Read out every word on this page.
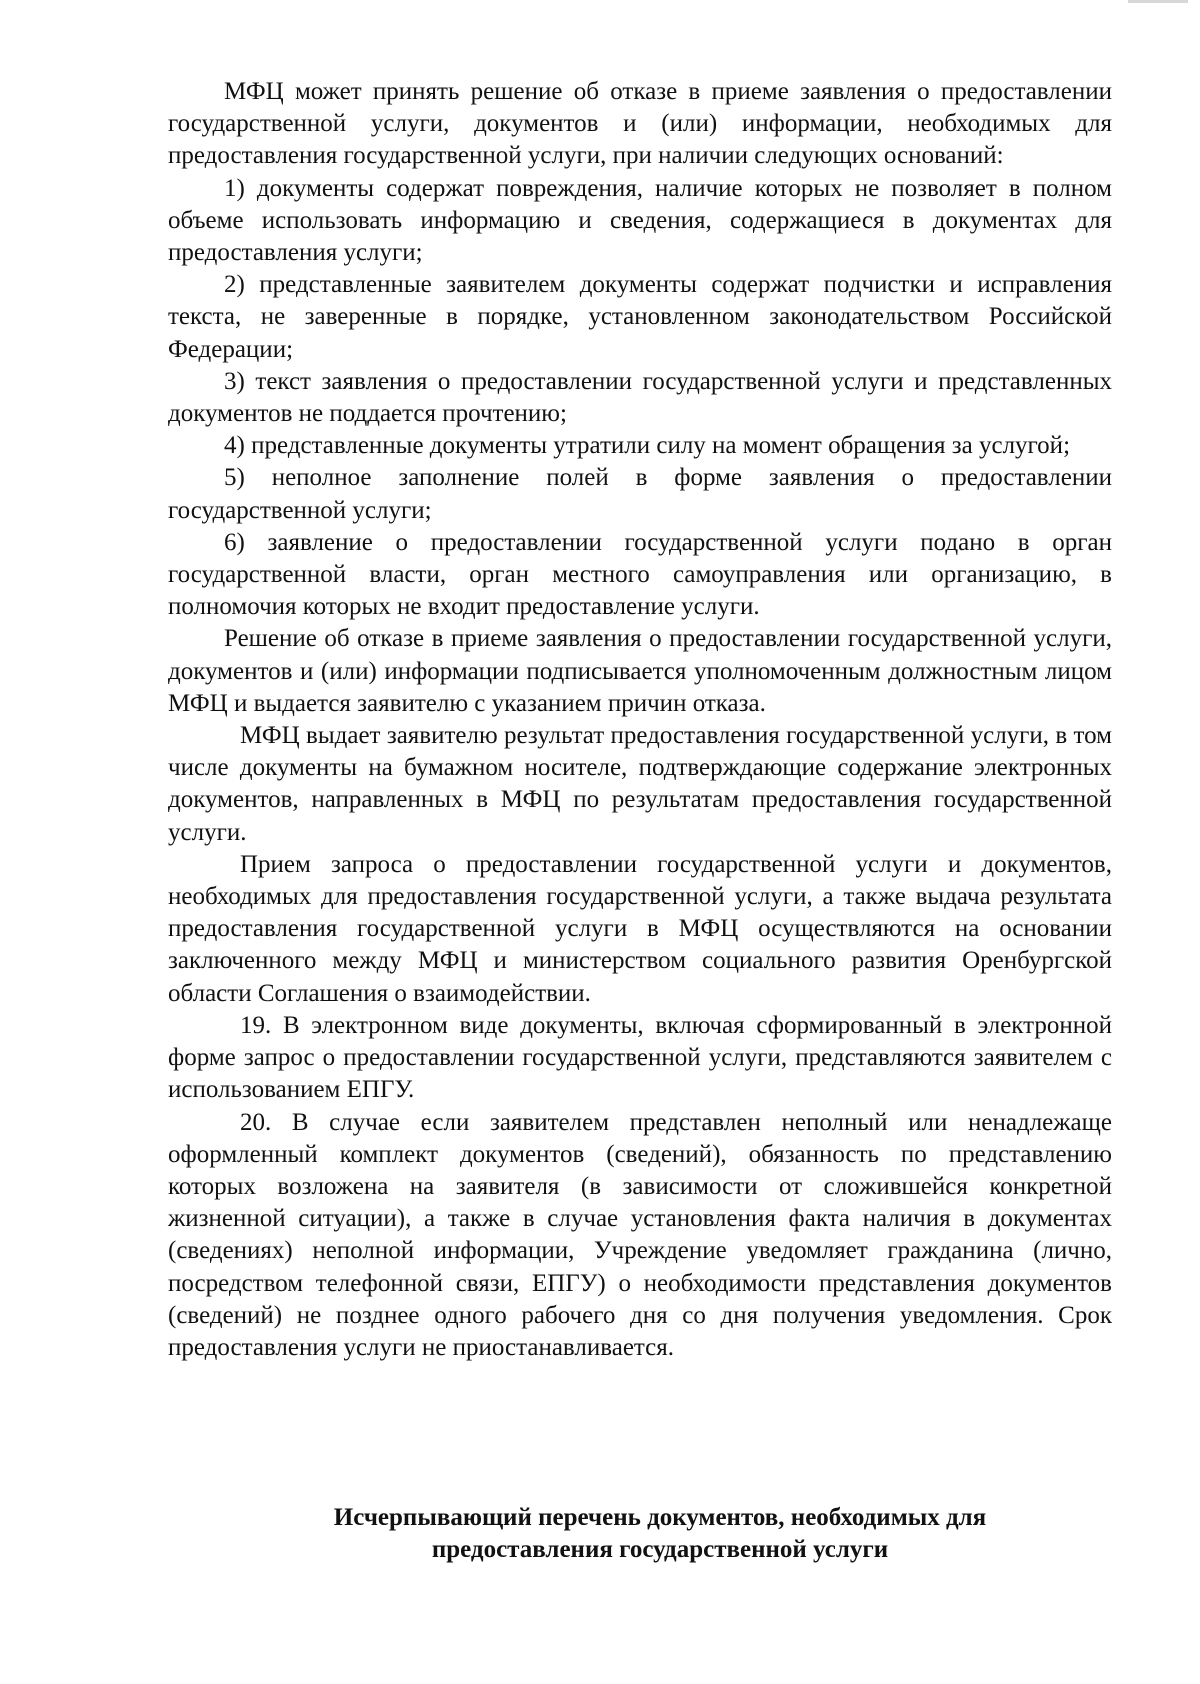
МФЦ может принять решение об отказе в приеме заявления о предоставлении государственной услуги, документов и (или) информации, необходимых для предоставления государственной услуги, при наличии следующих оснований:

1) документы содержат повреждения, наличие которых не позволяет в полном объеме использовать информацию и сведения, содержащиеся в документах для предоставления услуги;

2) представленные заявителем документы содержат подчистки и исправления текста, не заверенные в порядке, установленном законодательством Российской Федерации;

3) текст заявления о предоставлении государственной услуги и представленных документов не поддается прочтению;

4) представленные документы утратили силу на момент обращения за услугой;

5) неполное заполнение полей в форме заявления о предоставлении государственной услуги;

6) заявление о предоставлении государственной услуги подано в орган государственной власти, орган местного самоуправления или организацию, в полномочия которых не входит предоставление услуги.

Решение об отказе в приеме заявления о предоставлении государственной услуги, документов и (или) информации подписывается уполномоченным должностным лицом МФЦ и выдается заявителю с указанием причин отказа.

МФЦ выдает заявителю результат предоставления государственной услуги, в том числе документы на бумажном носителе, подтверждающие содержание электронных документов, направленных в МФЦ по результатам предоставления государственной услуги.

Прием запроса о предоставлении государственной услуги и документов, необходимых для предоставления государственной услуги, а также выдача результата предоставления государственной услуги в МФЦ осуществляются на основании заключенного между МФЦ и министерством социального развития Оренбургской области Соглашения о взаимодействии.

19. В электронном виде документы, включая сформированный в электронной форме запрос о предоставлении государственной услуги, представляются заявителем с использованием ЕПГУ.

20. В случае если заявителем представлен неполный или ненадлежаще оформленный комплект документов (сведений), обязанность по представлению которых возложена на заявителя (в зависимости от сложившейся конкретной жизненной ситуации), а также в случае установления факта наличия в документах (сведениях) неполной информации, Учреждение уведомляет гражданина (лично, посредством телефонной связи, ЕПГУ) о необходимости представления документов (сведений) не позднее одного рабочего дня со дня получения уведомления. Срок предоставления услуги не приостанавливается.

Исчерпывающий перечень документов, необходимых для
предоставления государственной услуги
